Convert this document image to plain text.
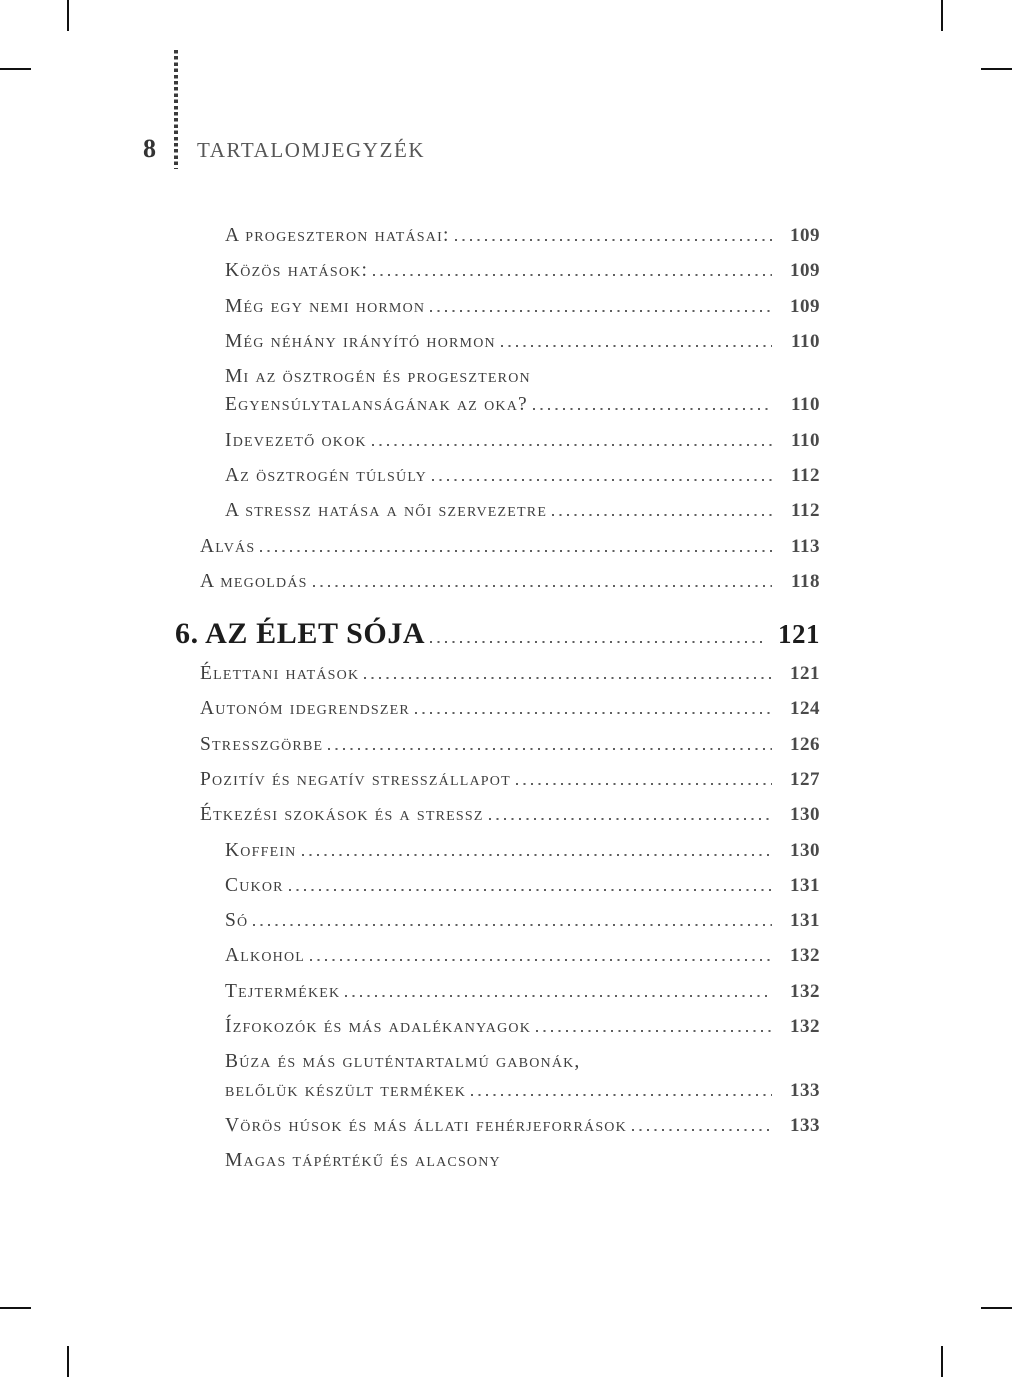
8 TARTALOMJEGYZÉK
A progeszteron hatásai:	109
Közös hatások:	109
Még egy nemi hormon	109
Még néhány irányító hormon	110
Mi az ösztrogén és progeszteron
Egyensúlytalanságának az oka?	110
Idevezető okok	110
Az ösztrogén túlsúly	112
A stressz hatása a női szervezetre	112
Alvás	113
A megoldás	118
6. AZ ÉLET SÓJA	121
Élettani hatások	121
Autonóm idegrendszer	124
Stresszgörbe	126
Pozitív és negatív stresszállapot	127
Étkezési szokások és a stressz	130
Koffein	130
Cukor	131
Só	131
Alkohol	132
Tejtermékek	132
Ízfokozók és más adalékanyagok	132
Búza és más gluténtartalmú gabonák,
belőlük készült termékek	133
Vörös húsok és más állati fehérjeforrások	133
Magas tápértékű és alacsony
